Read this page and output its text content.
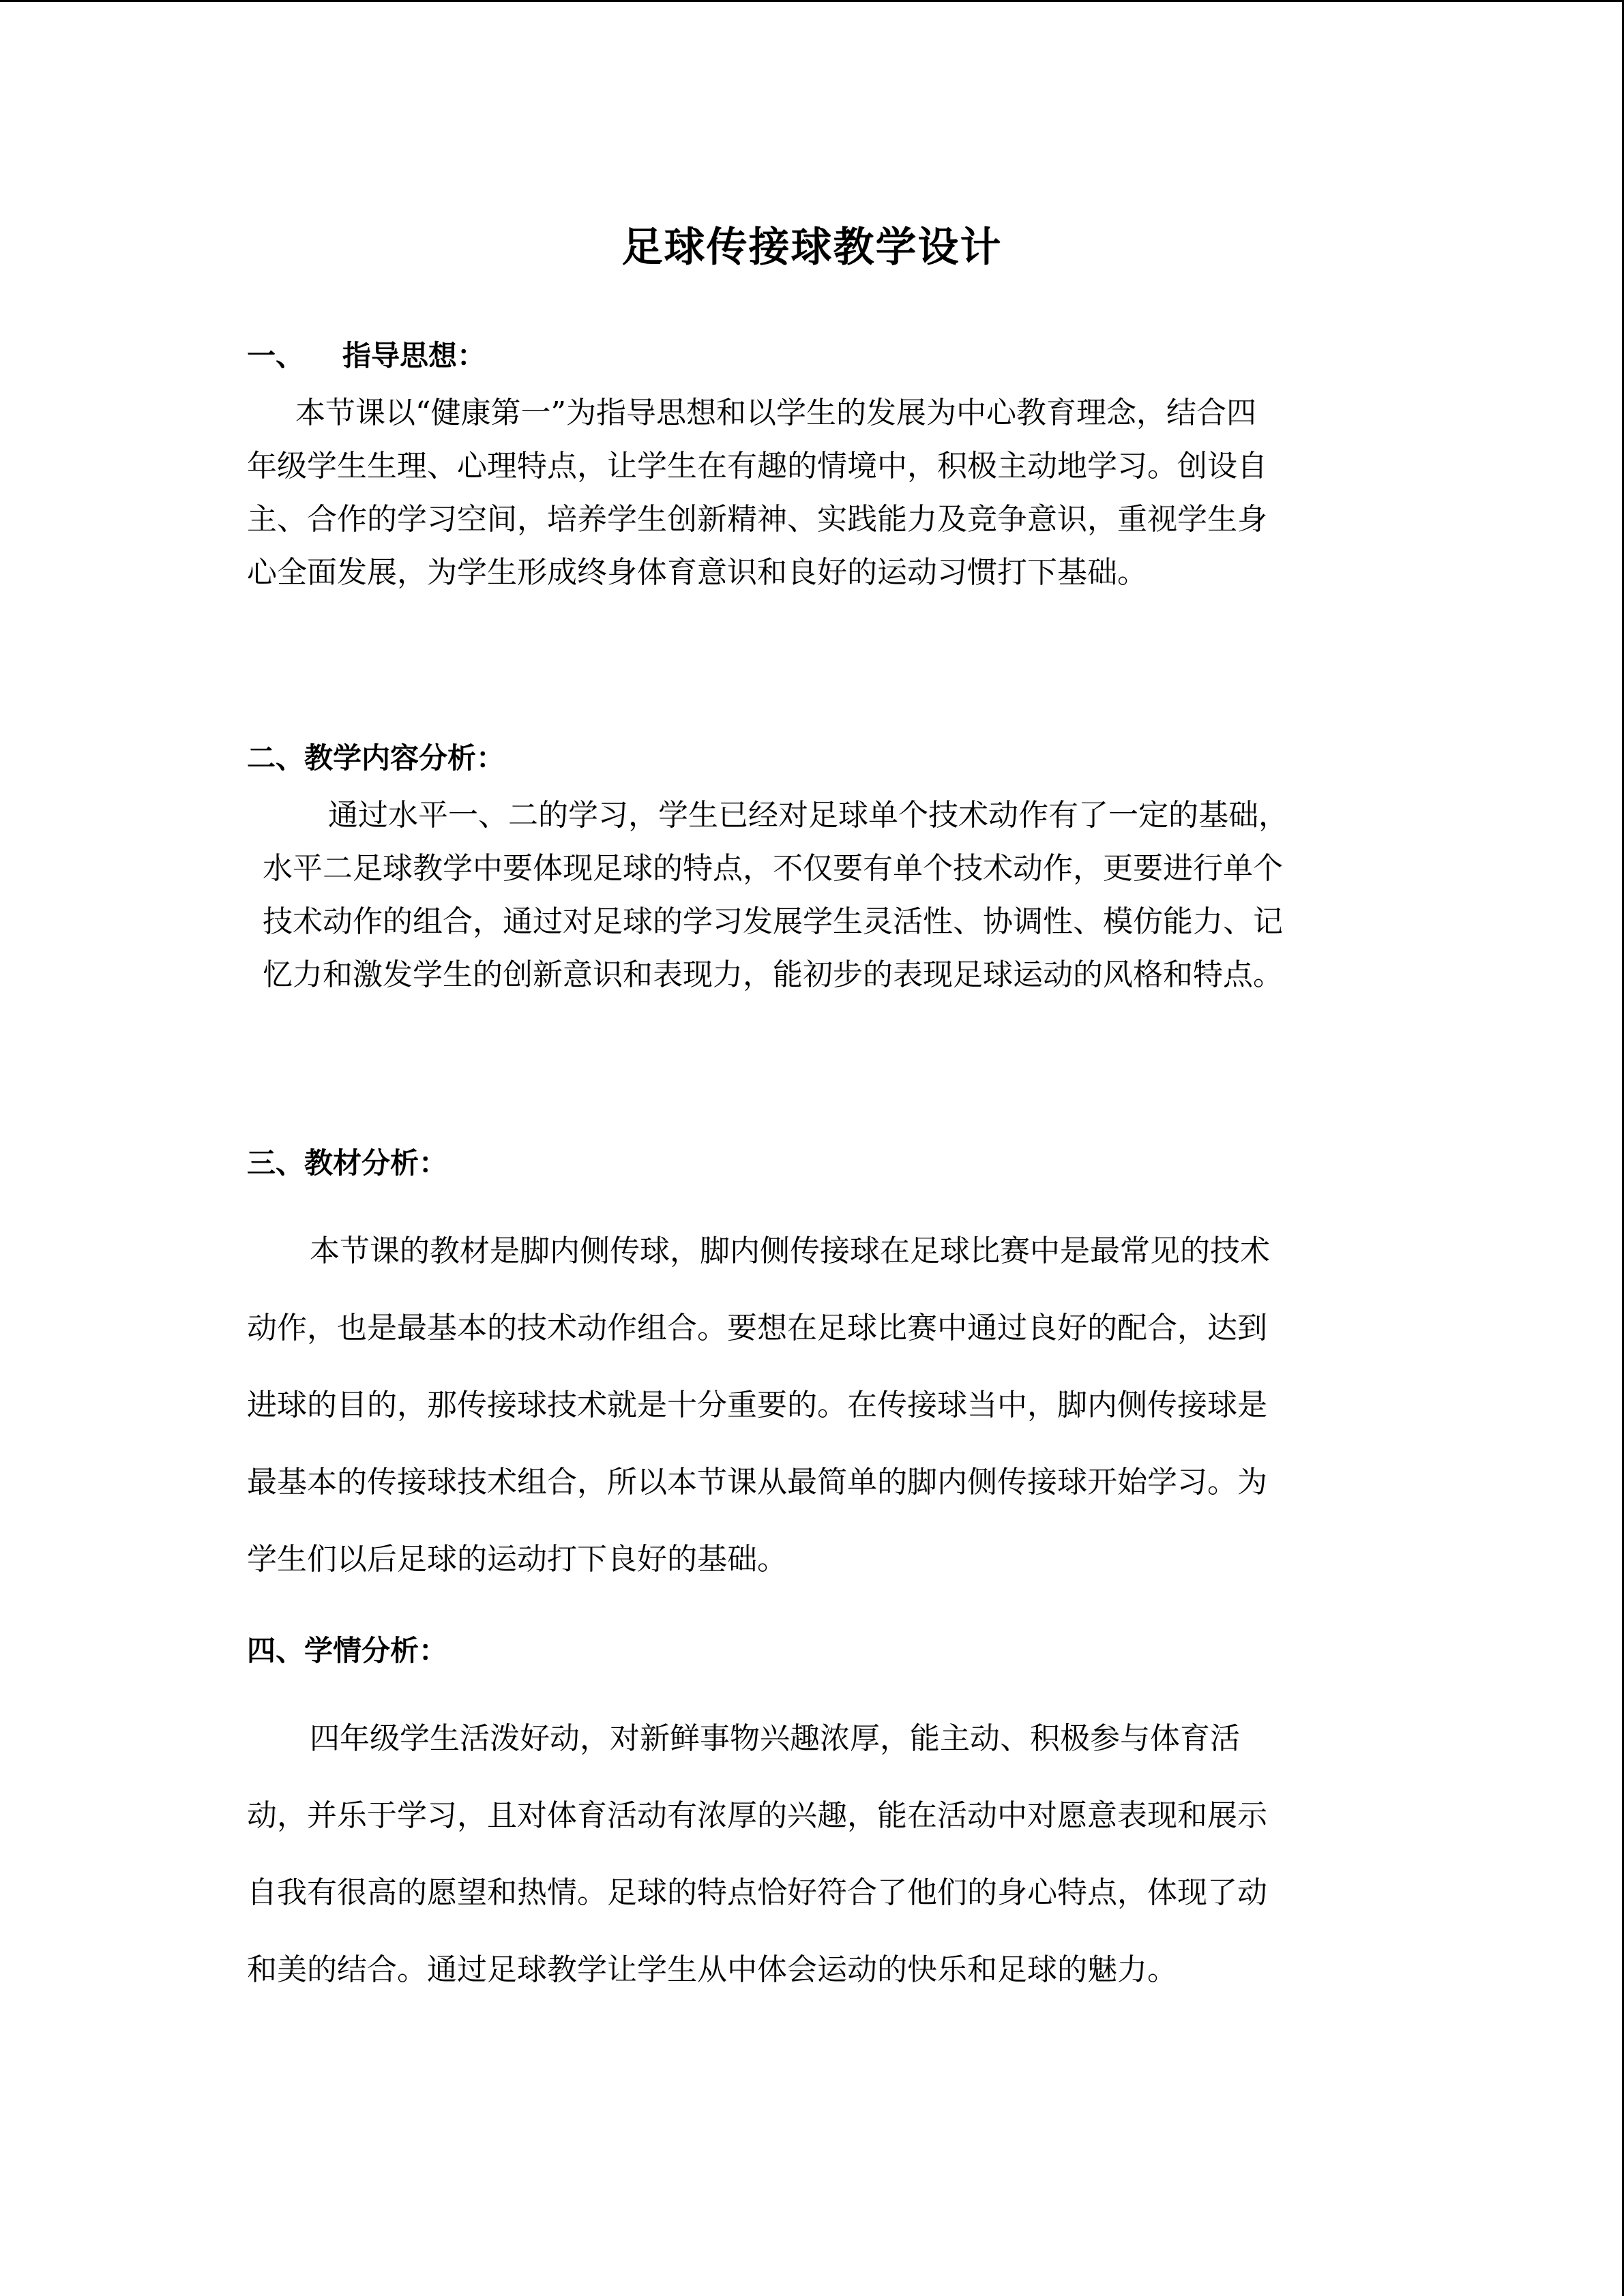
足球传接球教学设计
一、 指导思想：
本节课以“健康第一”为指导思想和以学生的发展为中心教育理念，结合四
年级学生生理、心理特点，让学生在有趣的情境中，积极主动地学习。创设自
主、合作的学习空间，培养学生创新精神、实践能力及竞争意识，重视学生身
心全面发展，为学生形成终身体育意识和良好的运动习惯打下基础。
二、教学内容分析：
通过水平一、二的学习，学生已经对足球单个技术动作有了一定的基础，
水平二足球教学中要体现足球的特点，不仅要有单个技术动作，更要进行单个
技术动作的组合，通过对足球的学习发展学生灵活性、协调性、模仿能力、记
忆力和激发学生的创新意识和表现力，能初步的表现足球运动的风格和特点。
三、教材分析：
本节课的教材是脚内侧传球，脚内侧传接球在足球比赛中是最常见的技术
动作，也是最基本的技术动作组合。要想在足球比赛中通过良好的配合，达到
进球的目的，那传接球技术就是十分重要的。在传接球当中，脚内侧传接球是
最基本的传接球技术组合，所以本节课从最简单的脚内侧传接球开始学习。为
学生们以后足球的运动打下良好的基础。
四、学情分析：
四年级学生活泼好动，对新鲜事物兴趣浓厚，能主动、积极参与体育活
动，并乐于学习，且对体育活动有浓厚的兴趣，能在活动中对愿意表现和展示
自我有很高的愿望和热情。足球的特点恰好符合了他们的身心特点，体现了动
和美的结合。通过足球教学让学生从中体会运动的快乐和足球的魅力。
